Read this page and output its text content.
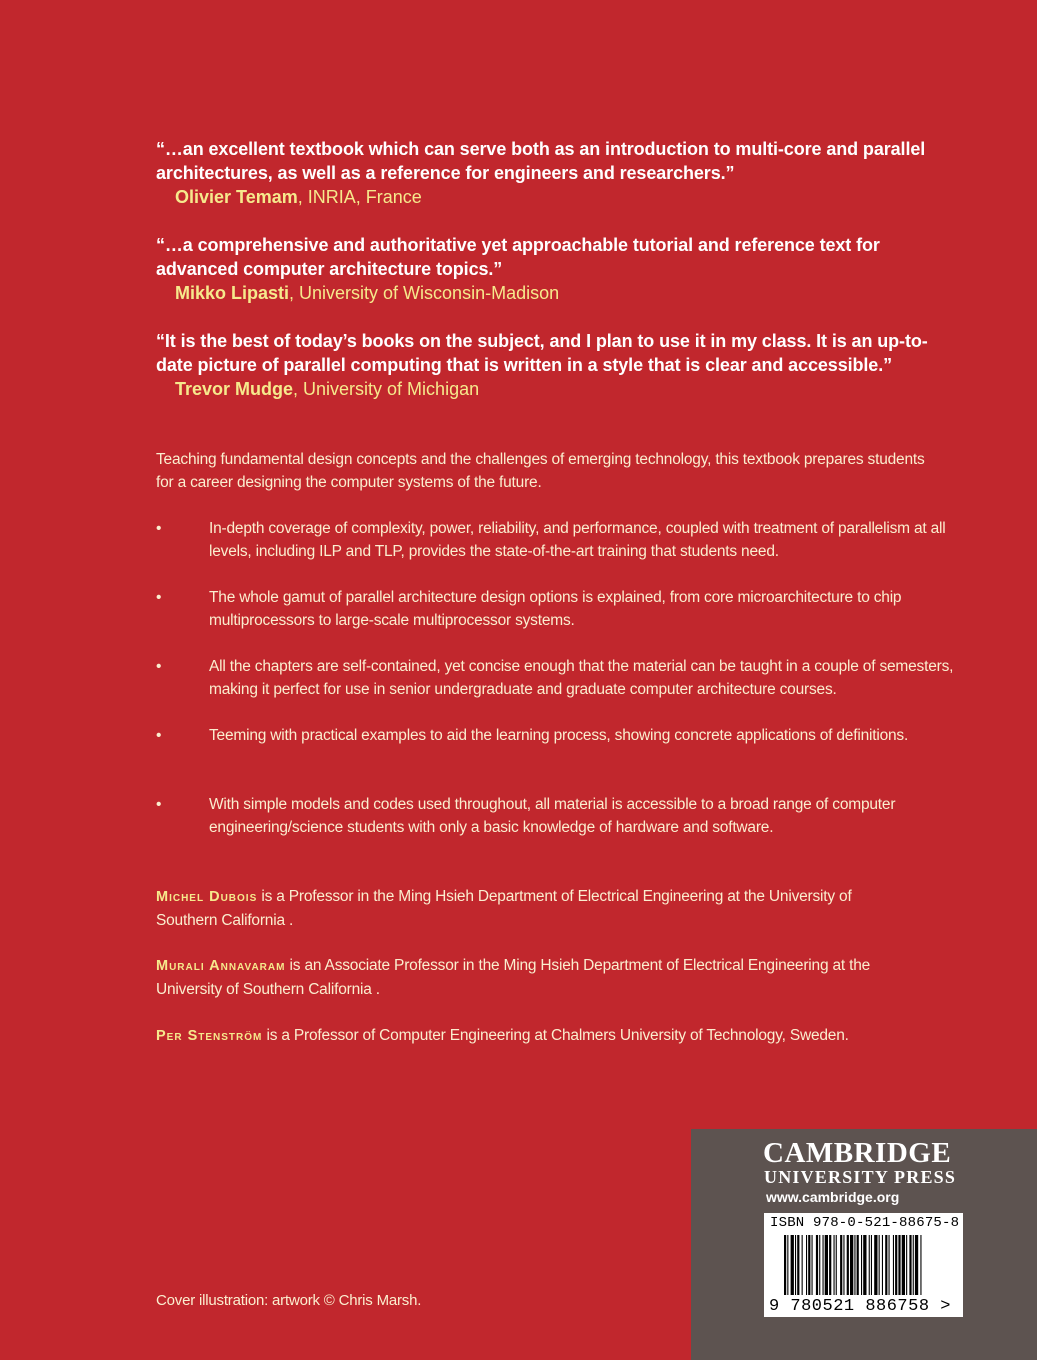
“…an excellent textbook which can serve both as an introduction to multi-core and parallel architectures, as well as a reference for engineers and researchers.”
Olivier Temam, INRIA, France
“…a comprehensive and authoritative yet approachable tutorial and reference text for advanced computer architecture topics.”
Mikko Lipasti, University of Wisconsin-Madison
“It is the best of today’s books on the subject, and I plan to use it in my class. It is an up-to-date picture of parallel computing that is written in a style that is clear and accessible.”
Trevor Mudge, University of Michigan
Teaching fundamental design concepts and the challenges of emerging technology, this textbook prepares students for a career designing the computer systems of the future.
•	In-depth coverage of complexity, power, reliability, and performance, coupled with treatment of parallelism at all levels, including ILP and TLP, provides the state-of-the-art training that students need.
•	The whole gamut of parallel architecture design options is explained, from core microarchitecture to chip multiprocessors to large-scale multiprocessor systems.
•	All the chapters are self-contained, yet concise enough that the material can be taught in a couple of semesters, making it perfect for use in senior undergraduate and graduate computer architecture courses.
•	Teeming with practical examples to aid the learning process, showing concrete applications of definitions.
•	With simple models and codes used throughout, all material is accessible to a broad range of computer engineering/science students with only a basic knowledge of hardware and software.
Michel Dubois is a Professor in the Ming Hsieh Department of Electrical Engineering at the University of Southern California .
Murali Annavaram is an Associate Professor in the Ming Hsieh Department of Electrical Engineering at the University of Southern California .
Per Stenström is a Professor of Computer Engineering at Chalmers University of Technology, Sweden.
Cover illustration: artwork © Chris Marsh.
CAMBRIDGE
UNIVERSITY PRESS
www.cambridge.org
ISBN 978-0-521-88675-8
9 780521 886758 >
